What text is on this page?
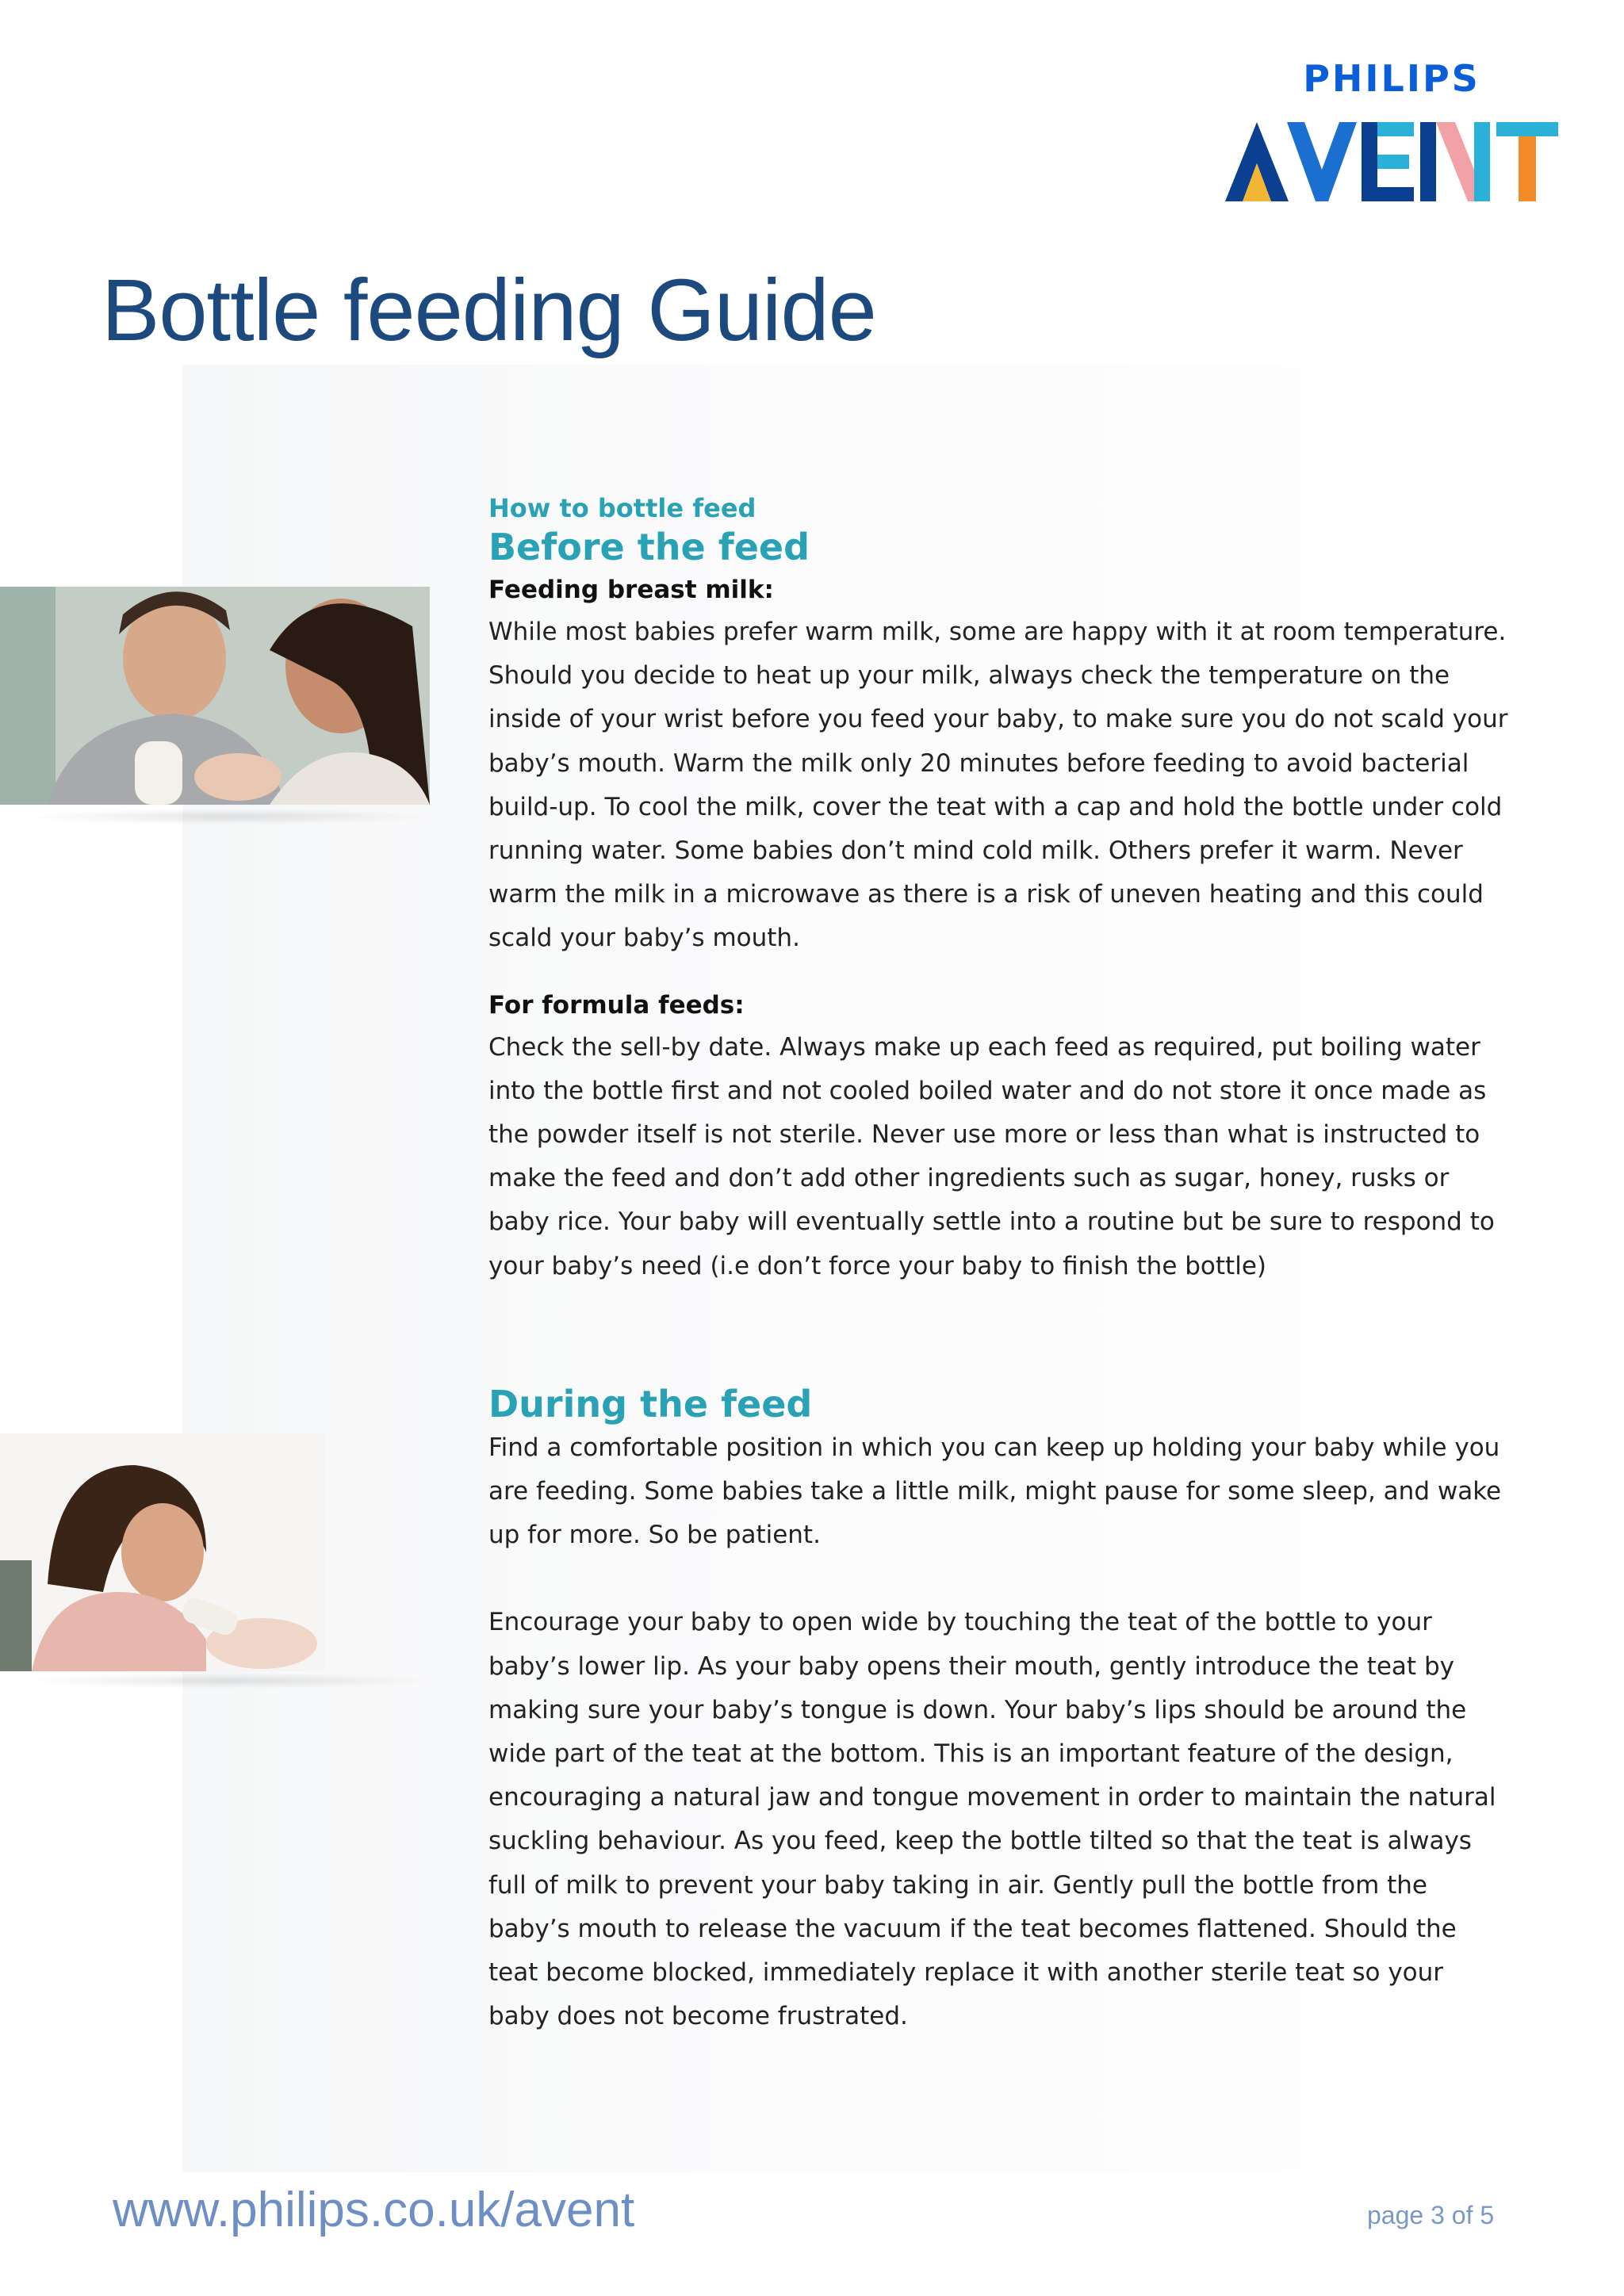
PHILIPS
Bottle feeding Guide

How to bottle feed

Before the feed

Feeding breast milk:

While most babies prefer warm milk, some are happy with it at room temperature. Should you decide to heat up your milk, always check the temperature on the inside of your wrist before you feed your baby, to make sure you do not scald your baby’s mouth. Warm the milk only 20 minutes before feeding to avoid bacterial build-up. To cool the milk, cover the teat with a cap and hold the bottle under cold running water. Some babies don’t mind cold milk. Others prefer it warm. Never warm the milk in a microwave as there is a risk of uneven heating and this could scald your baby’s mouth.

For formula feeds:

Check the sell-by date. Always make up each feed as required, put boiling water into the bottle first and not cooled boiled water and do not store it once made as the powder itself is not sterile. Never use more or less than what is instructed to make the feed and don’t add other ingredients such as sugar, honey, rusks or baby rice. Your baby will eventually settle into a routine but be sure to respond to your baby’s need (i.e don’t force your baby to finish the bottle)

During the feed

Find a comfortable position in which you can keep up holding your baby while you are feeding. Some babies take a little milk, might pause for some sleep, and wake up for more. So be patient.

Encourage your baby to open wide by touching the teat of the bottle to your baby’s lower lip. As your baby opens their mouth, gently introduce the teat by making sure your baby’s tongue is down. Your baby’s lips should be around the wide part of the teat at the bottom. This is an important feature of the design, encouraging a natural jaw and tongue movement in order to maintain the natural suckling behaviour. As you feed, keep the bottle tilted so that the teat is always full of milk to prevent your baby taking in air. Gently pull the bottle from the baby’s mouth to release the vacuum if the teat becomes flattened. Should the teat become blocked, immediately replace it with another sterile teat so your baby does not become frustrated.

www.philips.co.uk/avent	page 3 of 5
